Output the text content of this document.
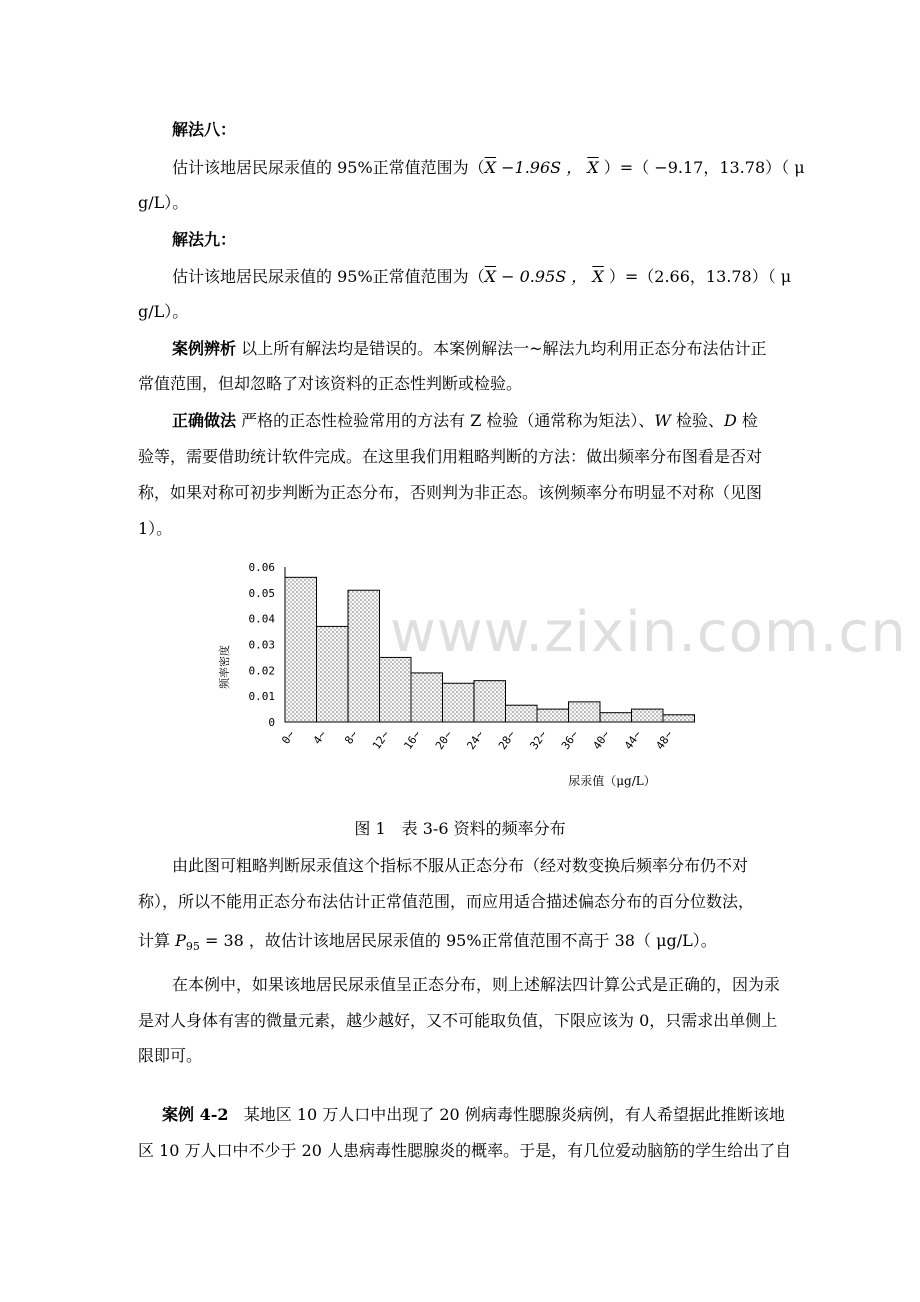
解法八：
估计该地居民尿汞值的 95%正常值范围为（$\overline{X} -1.96S$ ， $\overline{X}$ ）=（ −9.17，13.78）（ μ
g/L）。
解法九：
估计该地居民尿汞值的 95%正常值范围为（$\overline{X} - 0.95S$ ， $\overline{X}$ ）=（2.66，13.78）（ μ
g/L）。
案例辨析 以上所有解法均是错误的。本案例解法一~解法九均利用正态分布法估计正
常值范围，但却忽略了对该资料的正态性判断或检验。
正确做法 严格的正态性检验常用的方法有 Z 检验（通常称为矩法）、W 检验、D 检
验等，需要借助统计软件完成。在这里我们用粗略判断的方法：做出频率分布图看是否对
称，如果对称可初步判断为正态分布，否则判为非正态。该例频率分布明显不对称（见图
1）。
0~ 4~ 8~ 12~ 16~ 20~ 24~ 28~ 32~ 36~ 40~ 44~ 48~
0
0.01
0.02
0.03
0.04
0.05
0.06
频率密度
尿汞值（μg/L）
www.zixin.com.cn
图 1　表 3-6 资料的频率分布
由此图可粗略判断尿汞值这个指标不服从正态分布（经对数变换后频率分布仍不对
称），所以不能用正态分布法估计正常值范围，而应用适合描述偏态分布的百分位数法，
计算 $P_{95} = 38$ ，故估计该地居民尿汞值的 95%正常值范围不高于 38（ μg/L）。
在本例中，如果该地居民尿汞值呈正态分布，则上述解法四计算公式是正确的，因为汞
是对人身体有害的微量元素，越少越好，又不可能取负值，下限应该为 0，只需求出单侧上
限即可。
案例 4-2 某地区 10 万人口中出现了 20 例病毒性腮腺炎病例，有人希望据此推断该地
区 10 万人口中不少于 20 人患病毒性腮腺炎的概率。于是，有几位爱动脑筋的学生给出了自
